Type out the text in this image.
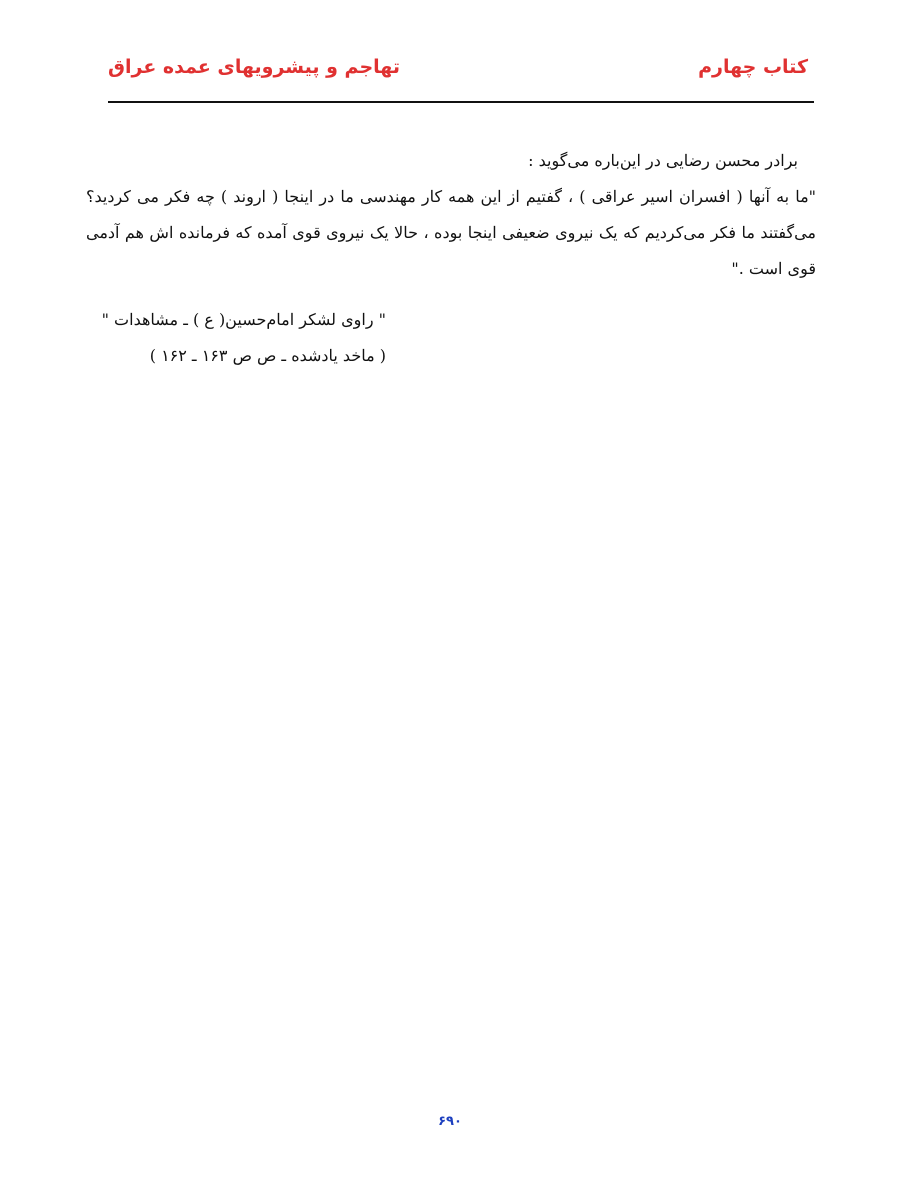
کتاب چهارم
تهاجم و پیشرویهای عمده عراق
برادر محسن رضایی در این‌باره می‌گوید :
"ما به آنها ( افسران اسیر عراقی ) ، گفتیم از این همه کار مهندسی ما در اینجا ( اروند ) چه فکر می کردید؟ می‌گفتند ما فکر می‌کردیم که یک نیروی ضعیفی اینجا بوده ، حالا یک نیروی قوی آمده که فرمانده اش هم آدمی قوی است ."
" راوی لشکر امام‌حسین( ع ) ـ مشاهدات "
( ماخد یادشده ـ ص ص ۱۶۳ ـ ۱۶۲ )
۶۹۰
